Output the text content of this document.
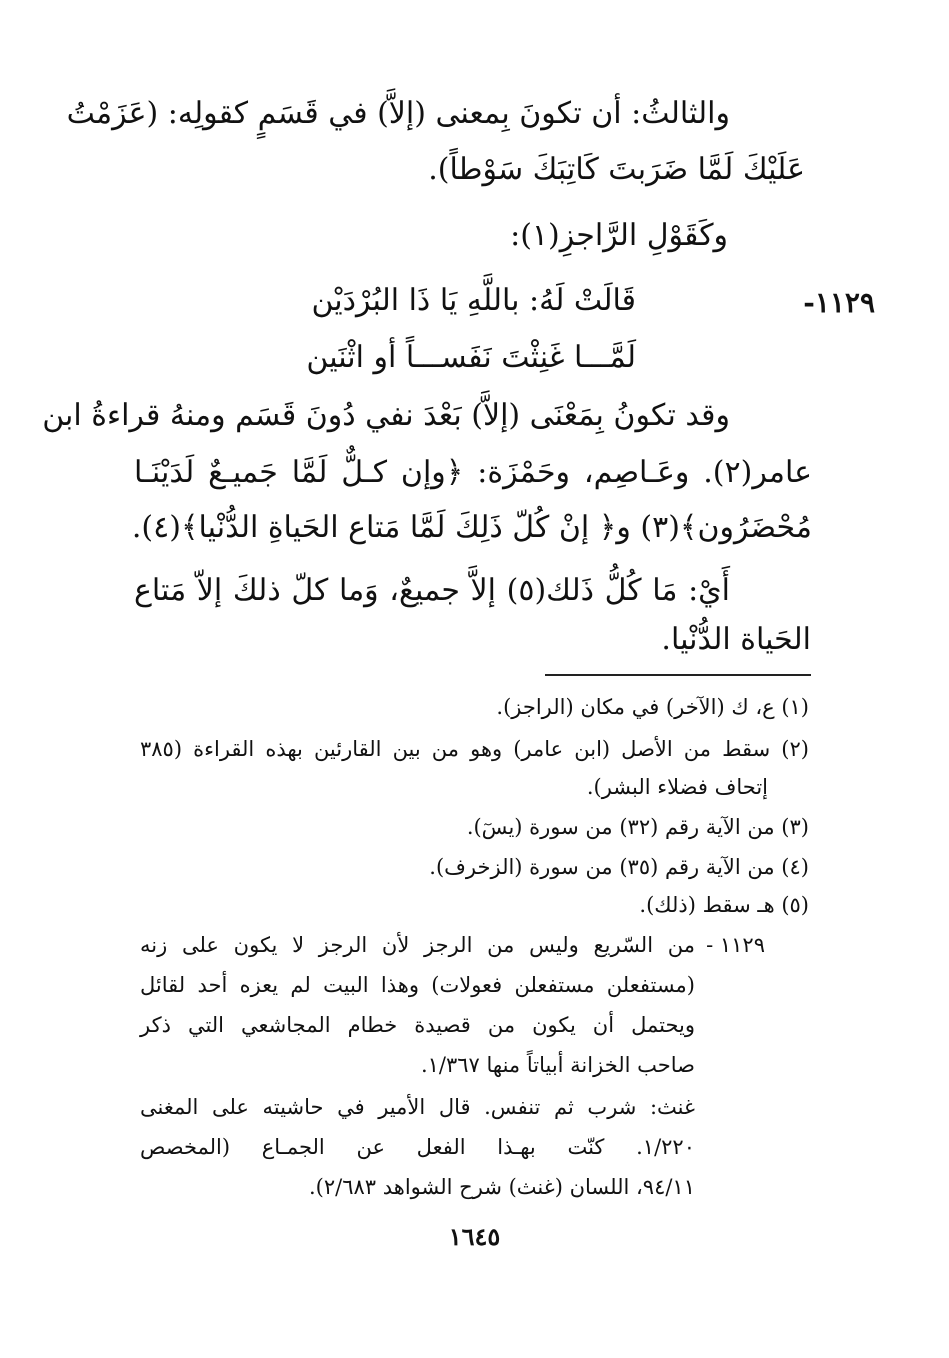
والثالثُ: أن تكونَ بِمعنى (إلاَّ) في قَسَمٍ كقولِه: (عَزَمْتُ
عَلَيْكَ لَمَّا ضَرَبتَ كَاتِبَكَ سَوْطاً).
وكَقَوْلِ الرَّاجزِ(١):
١١٢٩-
قَالَتْ لَهُ: باللَّهِ يَا ذَا البُرْدَيْن
لَمَّـــا غَنِثْتَ نَفَســـاً أو اثْنَين
وقد تكونُ بِمَعْنَى (إلاَّ) بَعْدَ نفي دُونَ قَسَم ومنهُ قراءةُ ابن
عامر(٢). وعَـاصِم، وحَمْزَة: ﴿وإن كـلٌّ لَمَّا جَميـعٌ لَدَيْنَـا
مُحْضَرُون﴾(٣) و﴿ إنْ كُلّ ذَلِكَ لَمَّا مَتاع الحَياةِ الدُّنْيا﴾(٤).
أَيْ: مَا كُلُّ ذَلك(٥) إلاَّ جميعٌ، وَما كلّ ذلكَ إلاّ مَتاع
الحَياة الدُّنْيا.
(١) ع، ك (الآخر) في مكان (الراجز).
(٢) سقط من الأصل (ابن عامر) وهو من بين القارئين بهذه القراءة (٣٨٥
إتحاف فضلاء البشر).
(٣) من الآية رقم (٣٢) من سورة (يسٓ).
(٤) من الآية رقم (٣٥) من سورة (الزخرف).
(٥) هـ سقط (ذلك).
١١٢٩ -
من السّريع وليس من الرجز لأن الرجز لا يكون على زنه
(مستفعلن مستفعلن فعولات) وهذا البيت لم يعزه أحد لقائل
ويحتمل أن يكون من قصيدة خطام المجاشعي التي ذكر
صاحب الخزانة أبياتاً منها ١/٣٦٧.
غنث: شرب ثم تنفس. قال الأمير في حاشيته على المغنى
١/٢٢٠. كنّت بهـذا الفعل عن الجمـاع (المخصص
٩٤/١١، اللسان (غنث) شرح الشواهد ٢/٦٨٣).
١٦٤٥
